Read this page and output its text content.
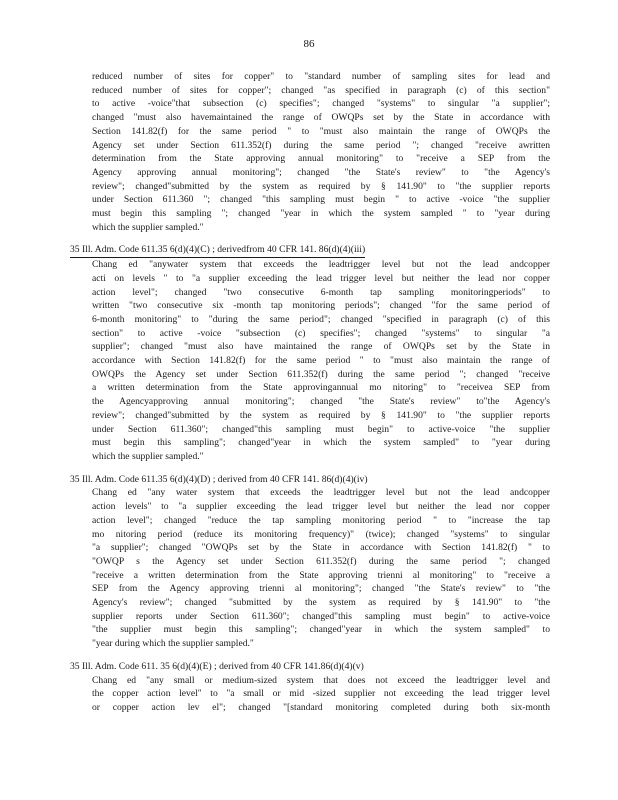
86
reduced number of sites for copper" to "standard number of sampling sites for lead and
reduced number of sites for copper"; changed "as specified in paragraph (c) of this section"
to active -voice"that subsection (c) specifies"; changed "systems" to singular "a supplier";
changed "must also havemaintained the range of OWQPs set by the State in accordance with
Section 141.82(f) for the same period " to "must also maintain the range of OWQPs the
Agency set under Section 611.352(f) during the same period "; changed "receive awritten
determination from the State approving annual monitoring" to "receive a SEP from the
Agency approving annual monitoring"; changed "the State's review" to "the Agency's
review"; changed"submitted by the system as required by § 141.90" to "the supplier reports
under Section 611.360 "; changed "this sampling must begin " to active -voice "the supplier
must begin this sampling "; changed "year in which the system sampled " to "year during
which the supplier sampled."
35 Ill. Adm. Code 611.35 6(d)(4)(C) ; derivedfrom 40 CFR 141. 86(d)(4)(iii)
Chang ed "anywater system that exceeds the leadtrigger level but not the lead andcopper
acti on levels " to "a supplier exceeding the lead trigger level but neither the lead nor copper
action level"; changed "two consecutive 6-month tap sampling monitoringperiods" to
written "two consecutive six -month tap monitoring periods"; changed "for the same period of
6-month monitoring" to "during the same period"; changed "specified in paragraph (c) of this
section" to active -voice "subsection (c) specifies"; changed "systems" to singular "a
supplier"; changed "must also have maintained the range of OWQPs set by the State in
accordance with Section 141.82(f) for the same period " to "must also maintain the range of
OWQPs the Agency set under Section 611.352(f) during the same period "; changed "receive
a written determination from the State approvingannual mo nitoring" to "receivea SEP from
the Agencyapproving annual monitoring"; changed "the State's review" to"the Agency's
review"; changed"submitted by the system as required by § 141.90" to "the supplier reports
under Section 611.360"; changed"this sampling must begin" to active-voice "the supplier
must begin this sampling"; changed"year in which the system sampled" to "year during
which the supplier sampled."
35 Ill. Adm. Code 611.35 6(d)(4)(D) ; derived from 40 CFR 141. 86(d)(4)(iv)
Chang ed "any water system that exceeds the leadtrigger level but not the lead andcopper
action levels" to "a supplier exceeding the lead trigger level but neither the lead nor copper
action level"; changed "reduce the tap sampling monitoring period " to "increase the tap
mo nitoring period (reduce its monitoring frequency)" (twice); changed "systems" to singular
"a supplier"; changed "OWQPs set by the State in accordance with Section 141.82(f) " to
"OWQP s the Agency set under Section 611.352(f) during the same period "; changed
"receive a written determination from the State approving trienni al monitoring" to "receive a
SEP from the Agency approving trienni al monitoring"; changed "the State's review" to "the
Agency's review"; changed "submitted by the system as required by § 141.90" to "the
supplier reports under Section 611.360"; changed"this sampling must begin" to active-voice
"the supplier must begin this sampling"; changed"year in which the system sampled" to
"year during which the supplier sampled."
35 Ill. Adm. Code 611. 35 6(d)(4)(E) ; derived from 40 CFR 141.86(d)(4)(v)
Chang ed "any small or medium-sized system that does not exceed the leadtrigger level and
the copper action level" to "a small or mid -sized supplier not exceeding the lead trigger level
or copper action lev el"; changed "[standard monitoring completed during both six-month
